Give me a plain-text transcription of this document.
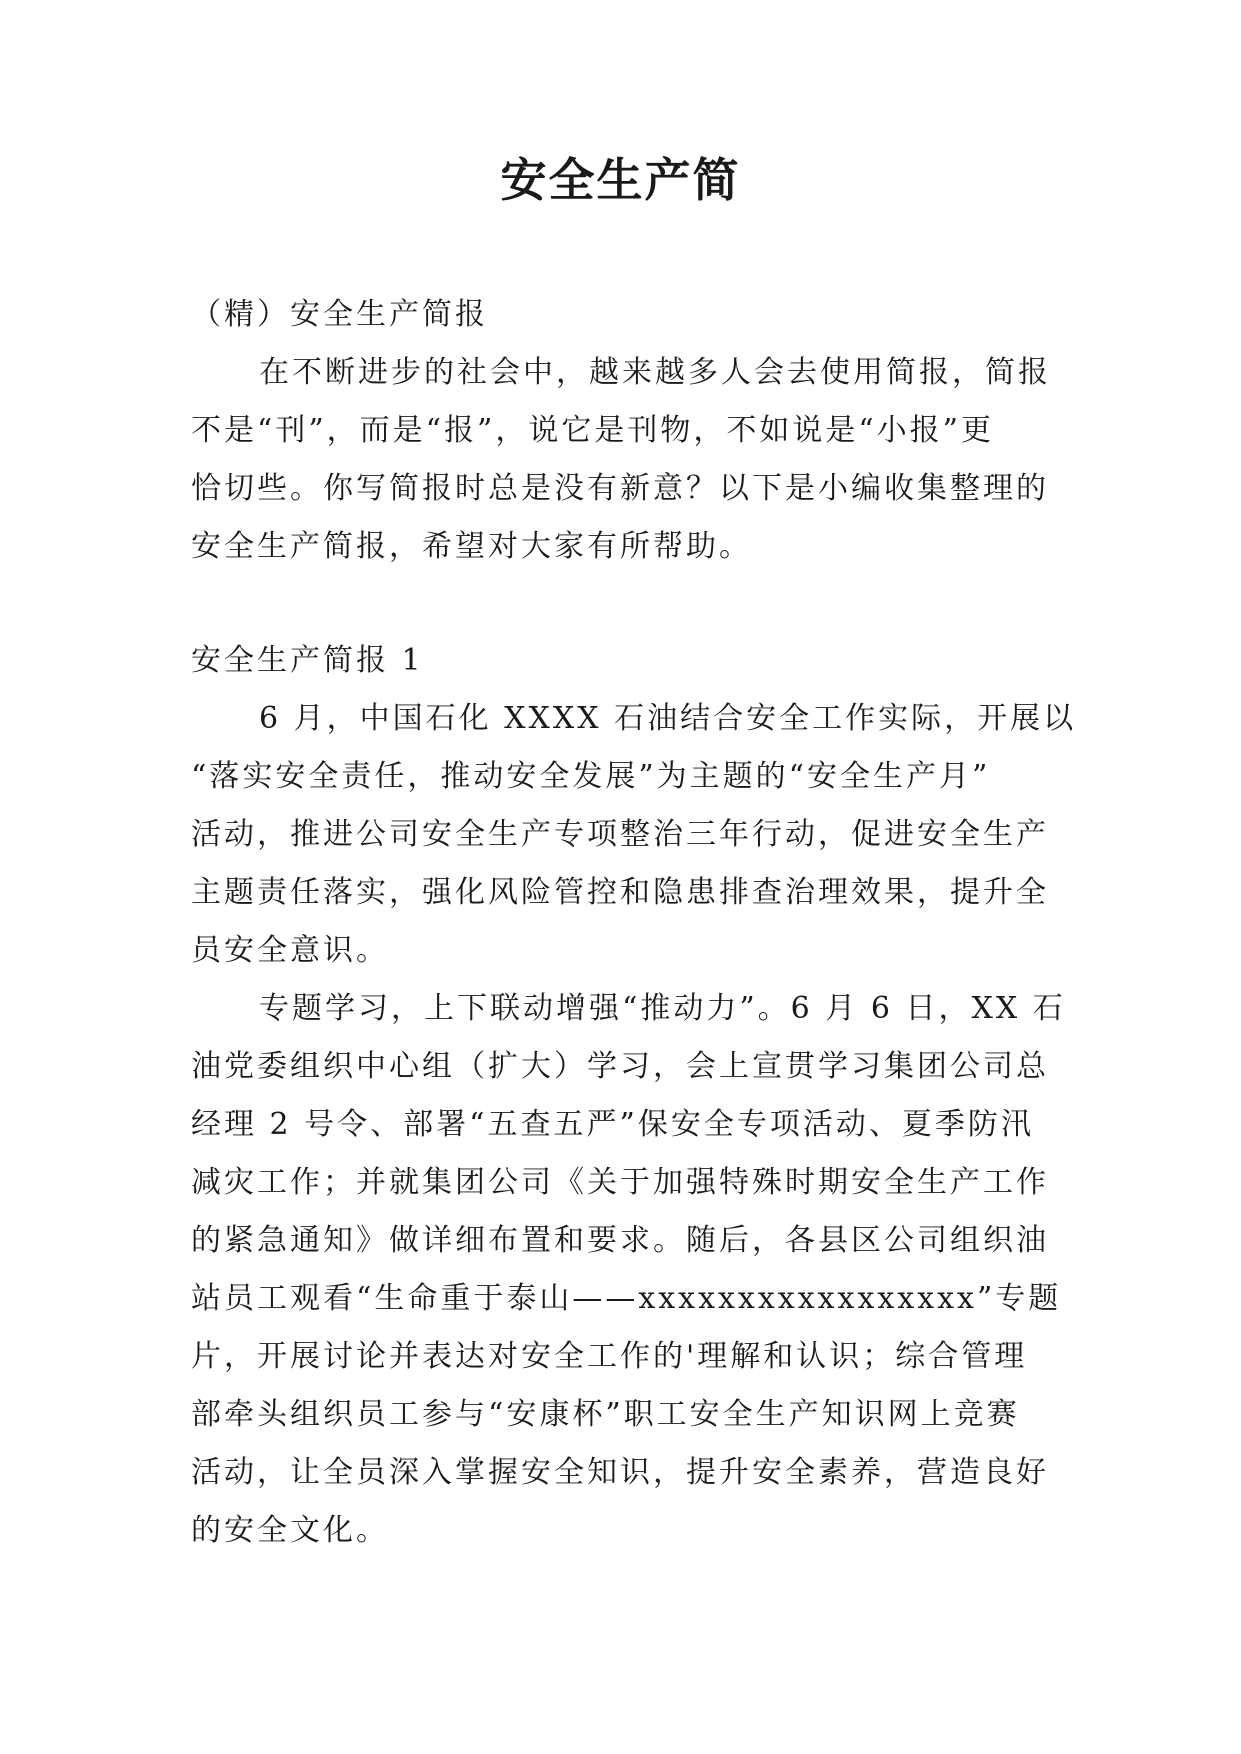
安全生产简
（精）安全生产简报
在不断进步的社会中，越来越多人会去使用简报，简报
不是“刊”，而是“报”，说它是刊物，不如说是“小报”更
恰切些。你写简报时总是没有新意？以下是小编收集整理的
安全生产简报，希望对大家有所帮助。
安全生产简报 1
6 月，中国石化 XXXX 石油结合安全工作实际，开展以
“落实安全责任，推动安全发展”为主题的“安全生产月”
活动，推进公司安全生产专项整治三年行动，促进安全生产
主题责任落实，强化风险管控和隐患排查治理效果，提升全
员安全意识。
专题学习，上下联动增强“推动力”。6 月 6 日，XX 石
油党委组织中心组（扩大）学习，会上宣贯学习集团公司总
经理 2 号令、部署“五查五严”保安全专项活动、夏季防汛
减灾工作；并就集团公司《关于加强特殊时期安全生产工作
的紧急通知》做详细布置和要求。随后，各县区公司组织油
站员工观看“生命重于泰山——xxxxxxxxxxxxxxxxx”专题
片，开展讨论并表达对安全工作的'理解和认识；综合管理
部牵头组织员工参与“安康杯”职工安全生产知识网上竞赛
活动，让全员深入掌握安全知识，提升安全素养，营造良好
的安全文化。
